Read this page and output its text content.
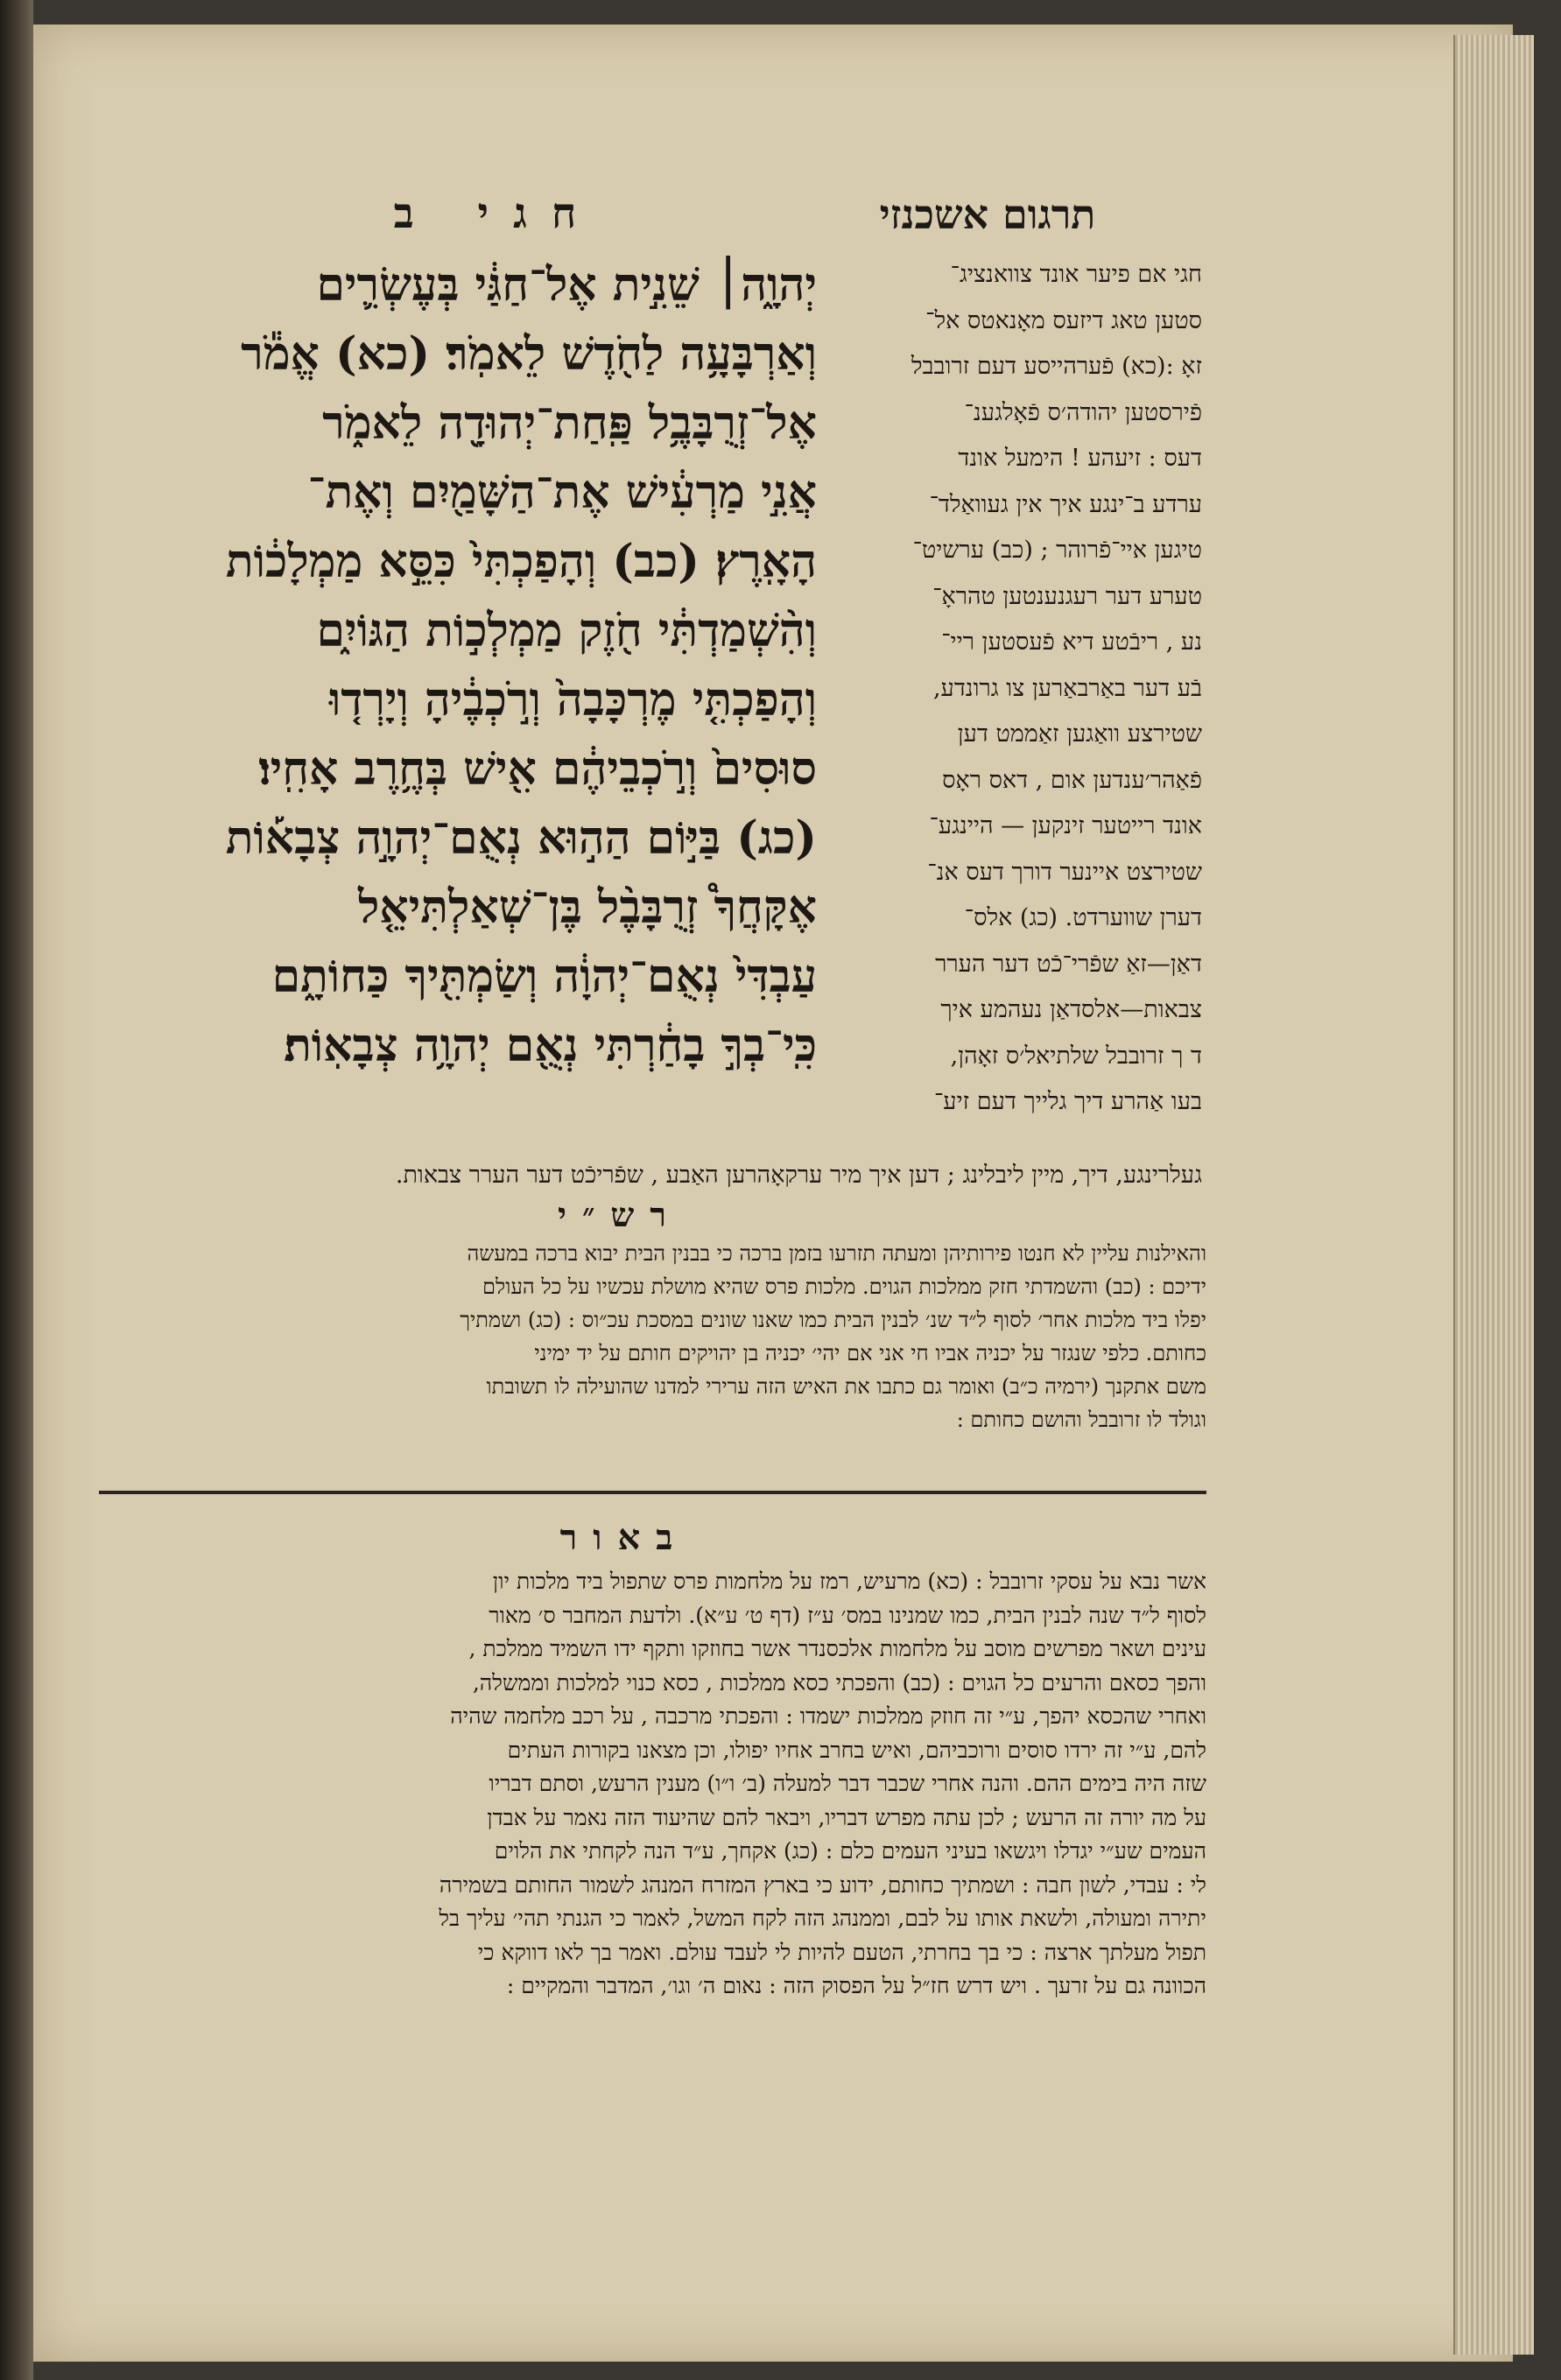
תרגום אשכנזי
חגי ב
חגי אם פיער אונד צוואנציג־
סטען טאג דיזעס מאָנאטס אל־
זאָ :(כא) פֿערהייסע דעם זרובבל
פֿירסטען יהודה׳ס פֿאָלגענ־
דעס : זיעהע ! הימעל אונד
ערדע ב־ינגע איך אין געוואַלד־
טיגען איי־פֿרוהר ; (כב) ערשיט־
טערע דער רעגנענטען טהראָ־
נע , ריבֿטע דיא פֿעסטען ריי־
בֿע דער באַרבאַרען צו גרונדע,
שטירצע וואַגען זאַממט דען
פֿאַהר׳ענדען אום , דאס ראָס
אונד רייטער זינקען — היינגע־
שטירצט איינער דורך דעס אנ־
דערן שווערדט. (כג) אלס־
דאַן—זאַ שפֿרי־כֿט דער הערר
צבאות—אלסדאַן נעהמע איך
ד ך זרובבל שלתיאל׳ס זאָהן,
בעו אַהרע דיך גלייך דעם זיע־
יְהוָ֑ה׀ שֵׁנִ֣ית אֶל־חַגַּ֔י בְּעֶשְׂרִ֛ים
וְאַרְבָּעָ֥ה לַחֹ֖דֶשׁ לֵאמֹֽר׃ (כא) אֱמֹ֕ר
אֶל־זְרֻבָּבֶ֥ל פַּֽחַת־יְהוּדָ֖ה לֵאמֹ֑ר
אֲנִ֣י מַרְעִ֔ישׁ אֶת־הַשָּׁמַ֖יִם וְאֶת־
הָאָֽרֶץ׃ (כב) וְהָפַכְתִּי֙ כִּסֵּ֣א מַמְלָכ֔וֹת
וְהִ֨שְׁמַדְתִּ֔י חֹ֖זֶק מַמְלְכ֣וֹת הַגּוֹיִ֑ם
וְהָפַכְתִּ֤י מֶרְכָּבָה֙ וְרֹ֣כְבֶ֔יהָ וְיָרְד֤וּ
סוּסִים֙ וְרֹ֣כְבֵיהֶ֔ם אִ֖ישׁ בְּחֶ֥רֶב אָחִֽיו׃
(כג) בַּיּ֣וֹם הַה֣וּא נְאֻם־יְהוָ֣ה צְבָא֡וֹת
אֶקָּחֲךָ֩ זְרֻבָּבֶ֨ל בֶּן־שְׁאַלְתִּיאֵ֤ל
עַבְדִּי֙ נְאֻם־יְהוָ֔ה וְשַׂמְתִּ֖יךָ כַּחוֹתָ֑ם
כִּֽי־בְךָ֣ בָחַ֔רְתִּי נְאֻ֖ם יְהוָ֥ה צְבָאֽוֹת׃
געלרינגע, דיך, מיין ליבלינג ; דען איך מיר ערקאָהרען האַבע , שפֿריכֿט דער הערר צבאות.
רש״י
והאילנות עליין לא חנטו פירותיהן ומעתה תזרעו בזמן ברכה כי בבנין הבית יבוא ברכה במעשה
ידיכם : (כב) והשמדתי חזק ממלכות הגוים. מלכות פרס שהיא מושלת עכשיו על כל העולם
יפלו ביד מלכות אחר׳ לסוף ל״ד שנ׳ לבנין הבית כמו שאנו שונים במסכת עכ״וס : (כג) ושמתיך
כחותם. כלפי שנגזר על יכניה אביו חי אני אם יהי׳ יכניה בן יהויקים חותם על יד ימיני
משם אתקנך (ירמיה כ״ב) ואומר גם כתבו את האיש הזה ערירי למדנו שהועילה לו תשובתו
וגולד לו זרובבל והושם כחותם :
באור
אשר נבא על עסקי זרובבל : (כא) מרעיש, רמז על מלחמות פרס שתפול ביד מלכות יון
לסוף ל״ד שנה לבנין הבית, כמו שמנינו במס׳ ע״ז (דף ט׳ ע״א). ולדעת המחבר ס׳ מאור
עינים ושאר מפרשים מוסב על מלחמות אלכסנדר אשר בחוזקו ותקף ידו השמיד ממלכת ,
והפך כסאם והרעים כל הגוים : (כב) והפכתי כסא ממלכות , כסא כנוי למלכות וממשלה,
ואחרי שהכסא יהפך, ע״י זה חוזק ממלכות ישמדו : והפכתי מרכבה , על רכב מלחמה שהיה
להם, ע״י זה ירדו סוסים ורוכביהם, ואיש בחרב אחיו יפולו, וכן מצאנו בקורות העתים
שזה היה בימים ההם. והנה אחרי שכבר דבר למעלה (ב׳ ו״ו) מענין הרעש, וסתם דבריו
על מה יורה זה הרעש ; לכן עתה מפרש דבריו, ויבאר להם שהיעוד הזה נאמר על אבדן
העמים שע״י יגדלו ויגשאו בעיני העמים כלם : (כג) אקחך, ע״ד הנה לקחתי את הלוים
לי : עבדי, לשון חבה : ושמתיך כחותם, ידוע כי בארץ המזרח המנהג לשמור החותם בשמירה
יתירה ומעולה, ולשאת אותו על לבם, וממנהג הזה לקח המשל, לאמר כי הגנתי תהי׳ עליך בל
תפול מעלתך ארצה : כי בך בחרתי, הטעם להיות לי לעבד עולם. ואמר בך לאו דווקא כי
הכוונה גם על זרעך . ויש דרש חז״ל על הפסוק הזה : נאום ה׳ וגו׳, המדבר והמקיים :
